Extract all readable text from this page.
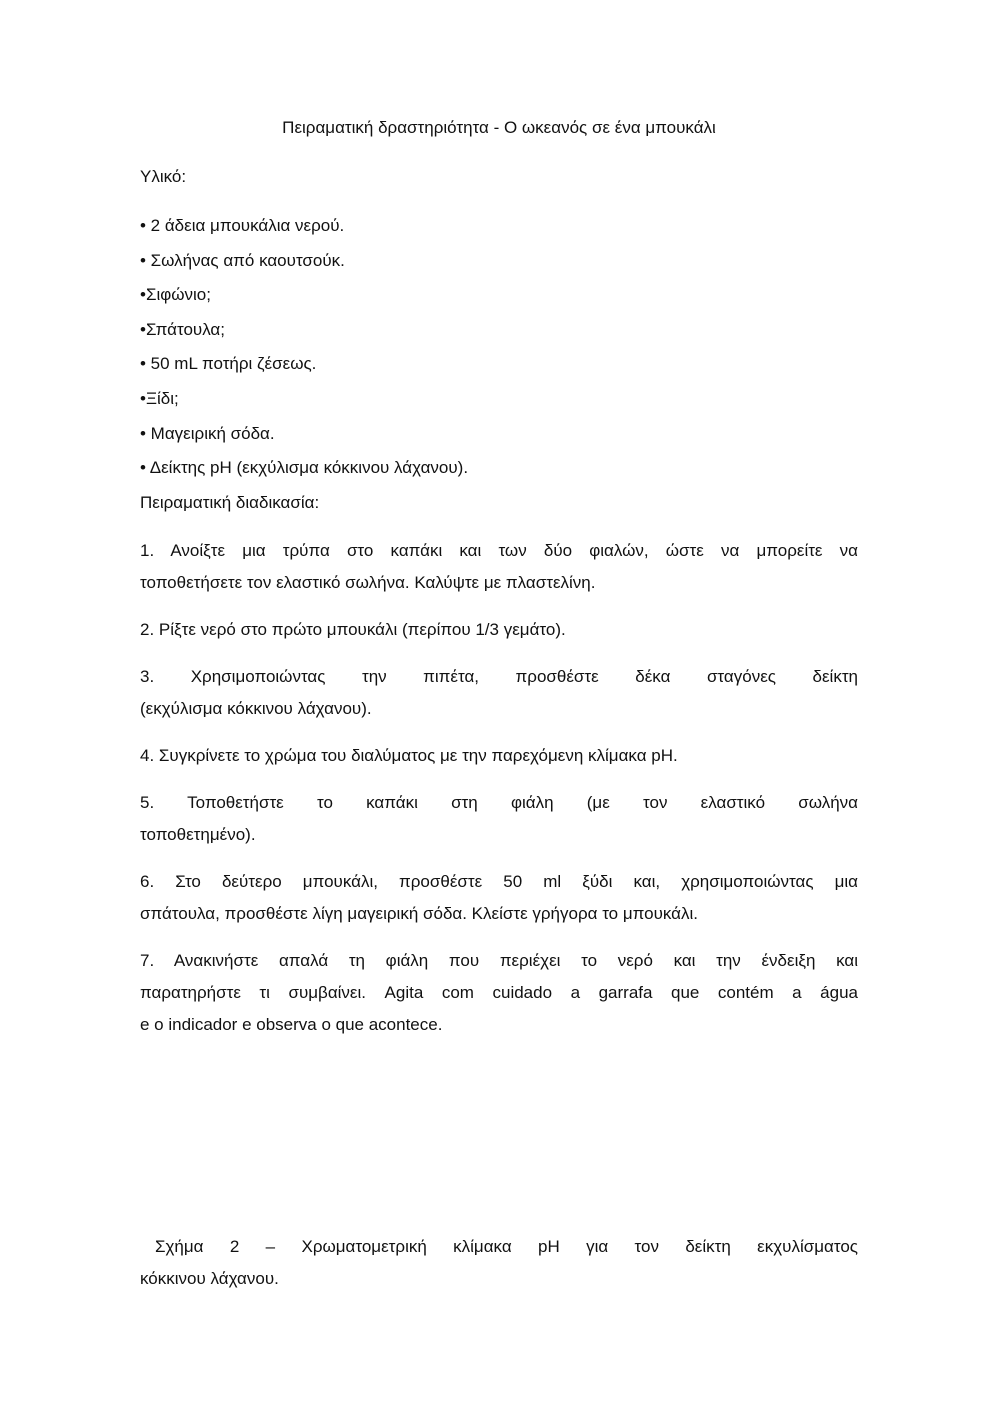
Πειραματική δραστηριότητα - Ο ωκεανός σε ένα μπουκάλι
Υλικό:
• 2 άδεια μπουκάλια νερού.
• Σωλήνας από καουτσούκ.
•Σιφώνιο;
•Σπάτουλα;
• 50 mL ποτήρι ζέσεως.
•Ξίδι;
• Μαγειρική σόδα.
• Δείκτης pH (εκχύλισμα κόκκινου λάχανου).
Πειραματική διαδικασία:
1. Ανοίξτε μια τρύπα στο καπάκι και των δύο φιαλών, ώστε να μπορείτε να
τοποθετήσετε τον ελαστικό σωλήνα. Καλύψτε με πλαστελίνη.
2. Ρίξτε νερό στο πρώτο μπουκάλι (περίπου 1/3 γεμάτο).
3. Χρησιμοποιώντας την πιπέτα, προσθέστε δέκα σταγόνες δείκτη
(εκχύλισμα κόκκινου λάχανου).
4. Συγκρίνετε το χρώμα του διαλύματος με την παρεχόμενη κλίμακα pH.
5. Τοποθετήστε το καπάκι στη φιάλη (με τον ελαστικό σωλήνα
τοποθετημένο).
6. Στο δεύτερο μπουκάλι, προσθέστε 50 ml ξύδι και, χρησιμοποιώντας μια
σπάτουλα, προσθέστε λίγη μαγειρική σόδα. Κλείστε γρήγορα το μπουκάλι.
7. Ανακινήστε απαλά τη φιάλη που περιέχει το νερό και την ένδειξη και
παρατηρήστε τι συμβαίνει. Agita com cuidado a garrafa que contém a água
e o indicador e observa o que acontece.
Σχήμα 2 – Χρωματομετρική κλίμακα pH για τον δείκτη εκχυλίσματος
κόκκινου λάχανου.
